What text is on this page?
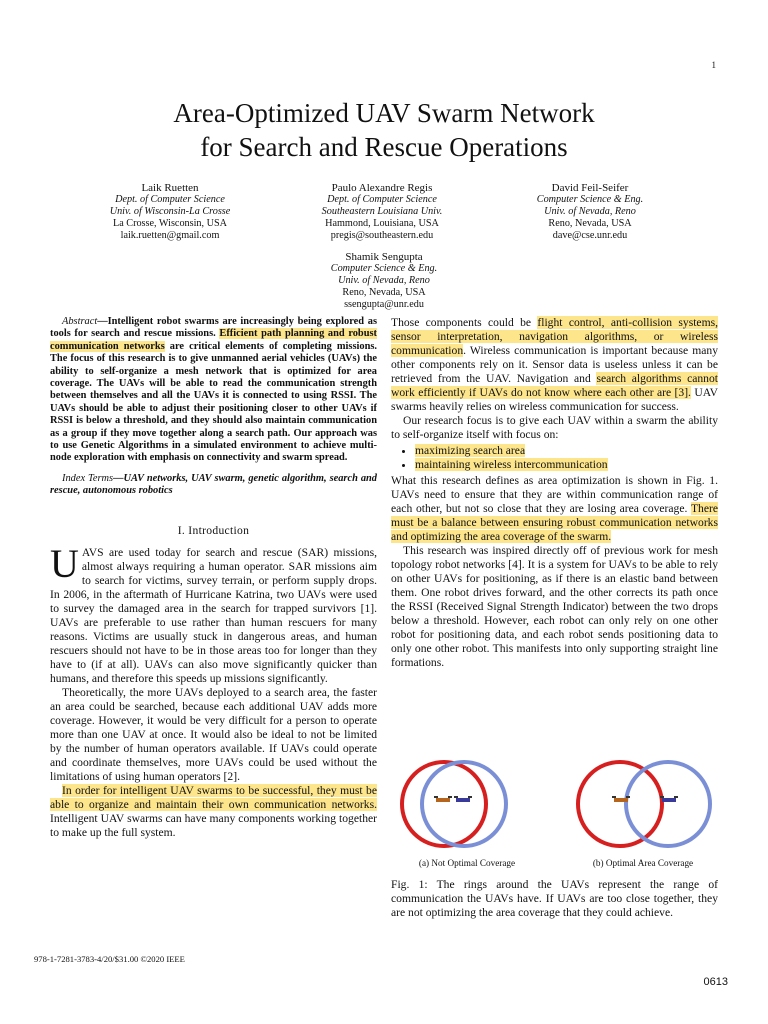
1
Area-Optimized UAV Swarm Network
for Search and Rescue Operations
Laik Ruetten
Dept. of Computer Science
Univ. of Wisconsin-La Crosse
La Crosse, Wisconsin, USA
laik.ruetten@gmail.com
Paulo Alexandre Regis
Dept. of Computer Science
Southeastern Louisiana Univ.
Hammond, Louisiana, USA
pregis@southeastern.edu
David Feil-Seifer
Computer Science & Eng.
Univ. of Nevada, Reno
Reno, Nevada, USA
dave@cse.unr.edu
Shamik Sengupta
Computer Science & Eng.
Univ. of Nevada, Reno
Reno, Nevada, USA
ssengupta@unr.edu

Abstract—Intelligent robot swarms are increasingly being explored as tools for search and rescue missions. Efficient path planning and robust communication networks are critical elements of completing missions. The focus of this research is to give unmanned aerial vehicles (UAVs) the ability to self-organize a mesh network that is optimized for area coverage. The UAVs will be able to read the communication strength between themselves and all the UAVs it is connected to using RSSI. The UAVs should be able to adjust their positioning closer to other UAVs if RSSI is below a threshold, and they should also maintain communication as a group if they move together along a search path. Our approach was to use Genetic Algorithms in a simulated environment to achieve multi-node exploration with emphasis on connectivity and swarm spread.

Index Terms—UAV networks, UAV swarm, genetic algorithm, search and rescue, autonomous robotics

I. Introduction

UAVS are used today for search and rescue (SAR) missions, almost always requiring a human operator. SAR missions aim to search for victims, survey terrain, or perform supply drops. In 2006, in the aftermath of Hurricane Katrina, two UAVs were used to survey the damaged area in the search for trapped survivors [1]. UAVs are preferable to use rather than human rescuers for many reasons. Victims are usually stuck in dangerous areas, and human rescuers should not have to be in those areas too for longer than they have to (if at all). UAVs can also move significantly quicker than humans, and therefore this speeds up missions significantly.

Theoretically, the more UAVs deployed to a search area, the faster an area could be searched, because each additional UAV adds more coverage. However, it would be very difficult for a person to operate more than one UAV at once. It would also be ideal to not be limited by the number of human operators available. If UAVs could operate and coordinate themselves, more UAVs could be used without the limitations of using human operators [2].

In order for intelligent UAV swarms to be successful, they must be able to organize and maintain their own communication networks. Intelligent UAV swarms can have many components working together to make up the full system.

Those components could be flight control, anti-collision systems, sensor interpretation, navigation algorithms, or wireless communication. Wireless communication is important because many other components rely on it. Sensor data is useless unless it can be retrieved from the UAV. Navigation and search algorithms cannot work efficiently if UAVs do not know where each other are [3]. UAV swarms heavily relies on wireless communication for success.

Our research focus is to give each UAV within a swarm the ability to self-organize itself with focus on:

• maximizing search area
• maintaining wireless intercommunication

What this research defines as area optimization is shown in Fig. 1. UAVs need to ensure that they are within communication range of each other, but not so close that they are losing area coverage. There must be a balance between ensuring robust communication networks and optimizing the area coverage of the swarm.

This research was inspired directly off of previous work for mesh topology robot networks [4]. It is a system for UAVs to be able to rely on other UAVs for positioning, as if there is an elastic band between them. One robot drives forward, and the other corrects its path once the RSSI (Received Signal Strength Indicator) between the two drops below a threshold. However, each robot can only rely on one other robot for positioning data, and each robot sends positioning data to only one other robot. This manifests into only supporting straight line formations.

(a) Not Optimal Coverage	(b) Optimal Area Coverage

Fig. 1: The rings around the UAVs represent the range of communication the UAVs have. If UAVs are too close together, they are not optimizing the area coverage that they could achieve.

978-1-7281-3783-4/20/$31.00 ©2020 IEEE
0613
